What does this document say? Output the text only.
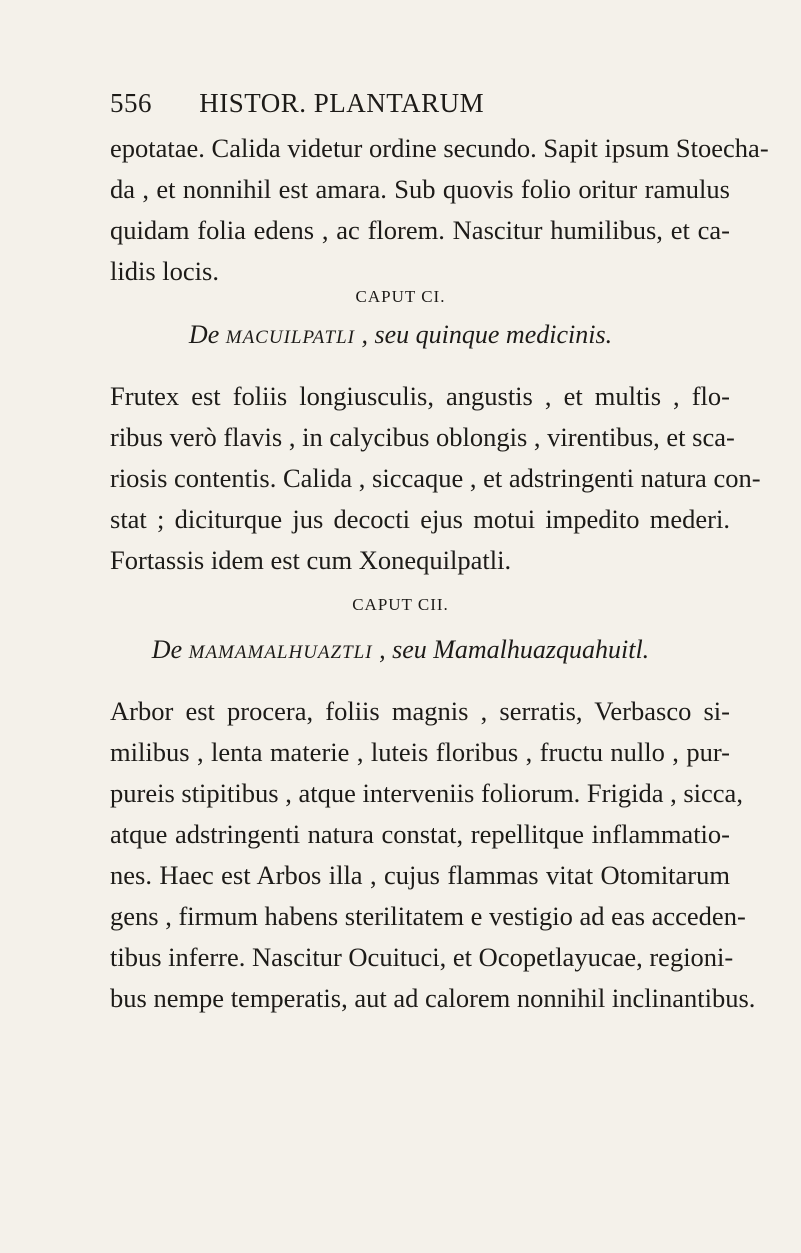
556 HISTOR. PLANTARUM
epotatae. Calida videtur ordine secundo. Sapit ipsum Stoecha-
da , et nonnihil est amara. Sub quovis folio oritur ramulus
quidam folia edens , ac florem. Nascitur humilibus, et ca-
lidis locis.
CAPUT CI.
De MACUILPATLI , seu quinque medicinis.
Frutex est foliis longiusculis, angustis , et multis , flo-
ribus verò flavis , in calycibus oblongis , virentibus, et sca-
riosis contentis. Calida , siccaque , et adstringenti natura con-
stat ; diciturque jus decocti ejus motui impedito mederi.
Fortassis idem est cum Xonequilpatli.
CAPUT CII.
De MAMAMALHUAZTLI , seu Mamalhuazquahuitl.
Arbor est procera, foliis magnis , serratis, Verbasco si-
milibus , lenta materie , luteis floribus , fructu nullo , pur-
pureis stipitibus , atque interveniis foliorum. Frigida , sicca,
atque adstringenti natura constat, repellitque inflammatio-
nes. Haec est Arbos illa , cujus flammas vitat Otomitarum
gens , firmum habens sterilitatem e vestigio ad eas acceden-
tibus inferre. Nascitur Ocuituci, et Ocopetlayucae, regioni-
bus nempe temperatis, aut ad calorem nonnihil inclinantibus.
